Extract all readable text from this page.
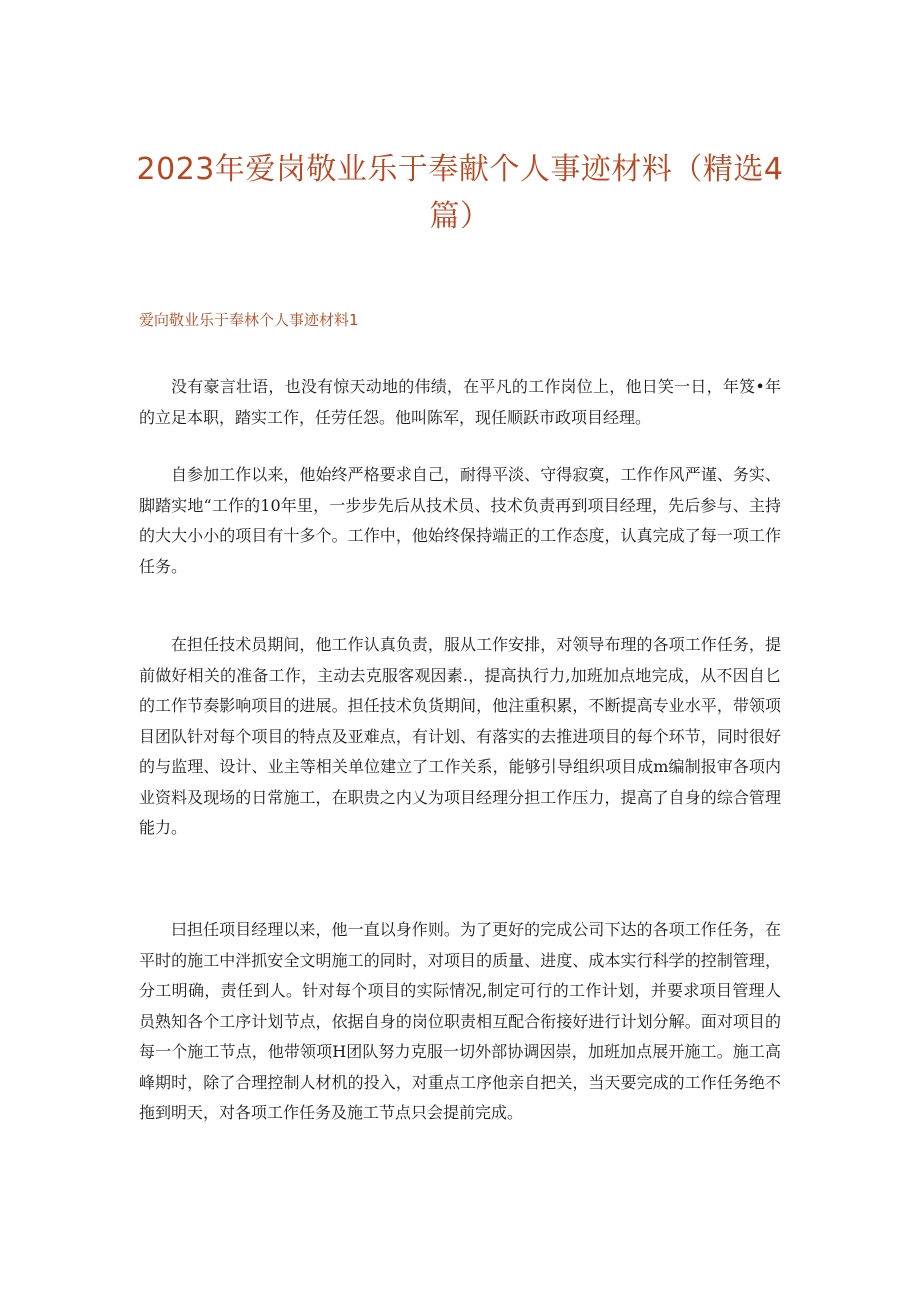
2023年爱岗敬业乐于奉献个人事迹材料（精选4
篇）
爱向敬业乐于奉林个人事迹材料1

没有豪言壮语，也没有惊天动地的伟绩，在平凡的工作岗位上，他日笑一日，年笈•年的立足本职，踏实工作，任劳任怨。他叫陈军，现任顺跃市政项目经理。

自参加工作以来，他始终严格要求自己，耐得平淡、守得寂寞，工作作风严谨、务实、脚踏实地“工作的10年里，一步步先后从技术员、技术负责再到项目经理，先后参与、主持的大大小小的项目有十多个。工作中，他始终保持端正的工作态度，认真完成了每一项工作任务。

在担任技术员期间，他工作认真负责，服从工作安排，对领导布理的各项工作任务，提前做好相关的准备工作，主动去克服客观因素.，提高执行力,加班加点地完成，从不因自匕的工作节奏影响项目的进展。担任技术负货期间，他注重积累，不断提高专业水平，带领项目团队针对每个项目的特点及亚难点，有计划、有落实的去推进项目的每个环节，同时很好的与监理、设计、业主等相关单位建立了工作关系，能够引导组织项目成m编制报审各项内业资料及现场的日常施工，在职贵之内乂为项目经理分担工作压力，提高了自身的综合管理能力。

曰担任项目经理以来，他一直以身作则。为了更好的完成公司下达的各项工作任务，在平时的施工中泮抓安全文明施工的同时，对项目的质量、进度、成本实行科学的控制管理，分工明确，责任到人。针对每个项目的实际情况,制定可行的工作计划，并要求项目管理人员熟知各个工序计划节点，依据自身的岗位职责相互配合衔接好进行计划分解。面对项目的每一个施工节点，他带领项H团队努力克服一切外部协调因崇，加班加点展开施工。施工高峰期时，除了合理控制人材机的投入，对重点工序他亲自把关，当天要完成的工作任务绝不拖到明天，对各项工作任务及施工节点只会提前完成。
